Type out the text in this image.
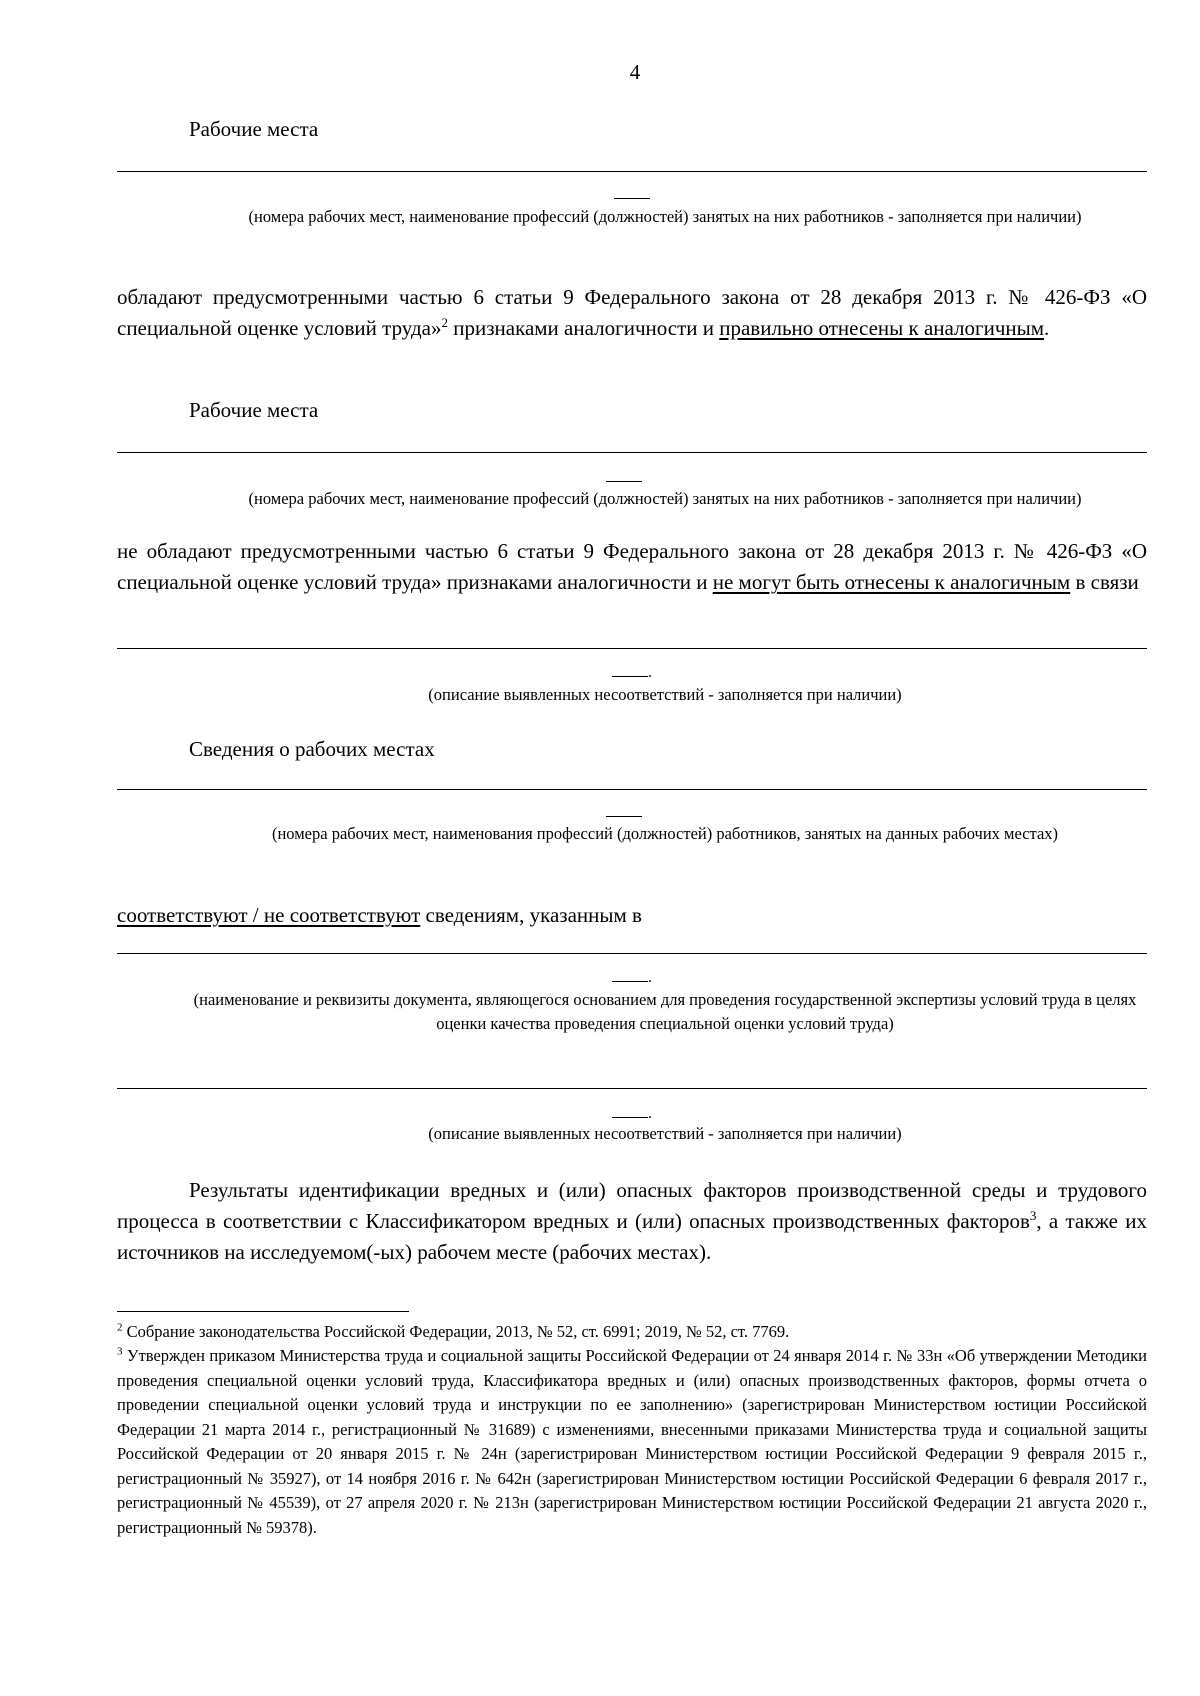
4
Рабочие места
(номера рабочих мест, наименование профессий (должностей) занятых на них работников - заполняется при наличии)
обладают предусмотренными частью 6 статьи 9 Федерального закона от 28 декабря 2013 г. № 426-ФЗ «О специальной оценке условий труда»$^2$ признаками аналогичности и правильно отнесены к аналогичным.
Рабочие места
(номера рабочих мест, наименование профессий (должностей) занятых на них работников - заполняется при наличии)
не обладают предусмотренными частью 6 статьи 9 Федерального закона от 28 декабря 2013 г. № 426-ФЗ «О специальной оценке условий труда» признаками аналогичности и не могут быть отнесены к аналогичным в связи
.
(описание выявленных несоответствий - заполняется при наличии)
Сведения о рабочих местах
(номера рабочих мест, наименования профессий (должностей) работников, занятых на данных рабочих местах)
соответствуют / не соответствуют сведениям, указанным в
.
(наименование и реквизиты документа, являющегося основанием для проведения государственной экспертизы условий труда в целях оценки качества проведения специальной оценки условий труда)
.
(описание выявленных несоответствий - заполняется при наличии)
Результаты идентификации вредных и (или) опасных факторов производственной среды и трудового процесса в соответствии с Классификатором вредных и (или) опасных производственных факторов$^3$, а также их источников на исследуемом(-ых) рабочем месте (рабочих местах).
$^2$ Собрание законодательства Российской Федерации, 2013, № 52, ст. 6991; 2019, № 52, ст. 7769.
$^3$ Утвержден приказом Министерства труда и социальной защиты Российской Федерации от 24 января 2014 г. № 33н «Об утверждении Методики проведения специальной оценки условий труда, Классификатора вредных и (или) опасных производственных факторов, формы отчета о проведении специальной оценки условий труда и инструкции по ее заполнению» (зарегистрирован Министерством юстиции Российской Федерации 21 марта 2014 г., регистрационный № 31689) с изменениями, внесенными приказами Министерства труда и социальной защиты Российской Федерации от 20 января 2015 г. № 24н (зарегистрирован Министерством юстиции Российской Федерации 9 февраля 2015 г., регистрационный № 35927), от 14 ноября 2016 г. № 642н (зарегистрирован Министерством юстиции Российской Федерации 6 февраля 2017 г., регистрационный № 45539), от 27 апреля 2020 г. № 213н (зарегистрирован Министерством юстиции Российской Федерации 21 августа 2020 г., регистрационный № 59378).
